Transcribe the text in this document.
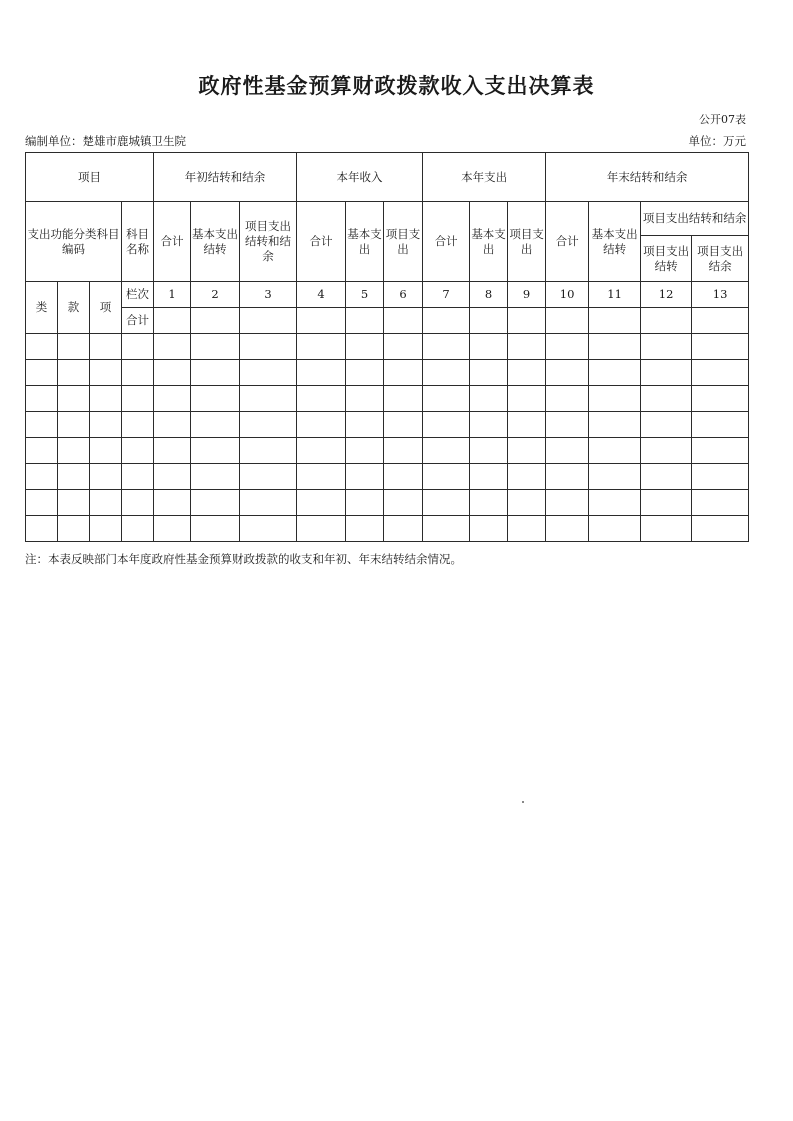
政府性基金预算财政拨款收入支出决算表
公开07表
编制单位：楚雄市鹿城镇卫生院	单位：万元
项目				年初结转和结余			本年收入			本年支出			年末结转和结余			
支出功能分类科目编码			科目名称	合计	基本支出结转	项目支出结转和结余	合计	基本支出	项目支出	合计	基本支出	项目支出	合计	基本支出结转	项目支出结转和结余	
															项目支出结转	项目支出结余
类	款	项	栏次	1	2	3	4	5	6	7	8	9	10	11	12	13
			合计													

注：本表反映部门本年度政府性基金预算财政拨款的收支和年初、年末结转结余情况。
